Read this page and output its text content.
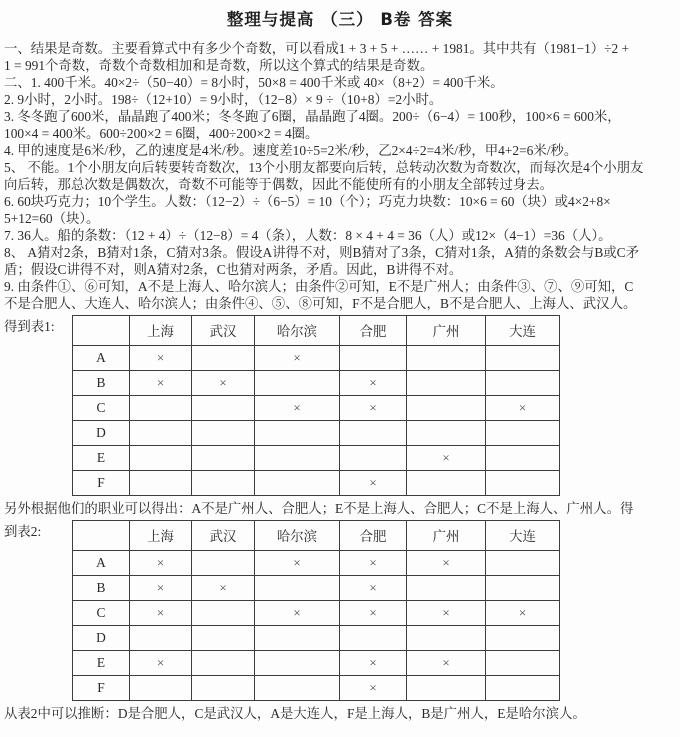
整理与提高 （三） B卷 答案
一、结果是奇数。主要看算式中有多少个奇数，可以看成1 + 3 + 5 + …… + 1981。其中共有（1981−1）÷2 +
1 = 991个奇数，奇数个奇数相加和是奇数，所以这个算式的结果是奇数。
二、1. 400千米。40×2÷（50−40）= 8小时，50×8 = 400千米或 40×（8+2）= 400千米。
2. 9小时，2小时。198÷（12+10）= 9小时，（12−8）× 9 ÷（10+8）=2小时。
3. 冬冬跑了600米，晶晶跑了400米；冬冬跑了6圈，晶晶跑了4圈。200÷（6−4）= 100秒，100×6 = 600米，
100×4 = 400米。600÷200×2 = 6圈，400÷200×2 = 4圈。
4. 甲的速度是6米/秒，乙的速度是4米/秒。速度差10÷5=2米/秒，乙2×4÷2=4米/秒，甲4+2=6米/秒。
5、 不能。1个小朋友向后转要转奇数次，13个小朋友都要向后转，总转动次数为奇数次，而每次是4个小朋友
向后转，那总次数是偶数次，奇数不可能等于偶数，因此不能使所有的小朋友全部转过身去。
6. 60块巧克力；10个学生。人数：（12−2）÷（6−5）= 10（个）；巧克力块数：10×6 = 60（块）或4×2+8×
5+12=60（块）。
7. 36人。船的条数：（12 + 4）÷（12−8）= 4（条），人数：8 × 4 + 4 = 36（人）或12×（4−1）=36（人）。
8、 A猜对2条，B猜对1条，C猜对3条。假设A讲得不对，则B猜对了3条，C猜对1条，A猜的条数会与B或C矛
盾；假设C讲得不对，则A猜对2条，C也猜对两条，矛盾。因此，B讲得不对。
9. 由条件①、⑥可知，A不是上海人、哈尔滨人；由条件②可知，E不是广州人；由条件③、⑦、⑨可知，C
不是合肥人、大连人、哈尔滨人；由条件④、⑤、⑧可知，F不是合肥人，B不是合肥人、上海人、武汉人。
得到表1:
		上海	武汉	哈尔滨	合肥	广州	大连
A	×		×			
B	×	×		×		
C			×	×		×
D						
E					×	
F				×		
另外根据他们的职业可以得出：A不是广州人、合肥人；E不是上海人、合肥人；C不是上海人、广州人。得
到表2:
		上海	武汉	哈尔滨	合肥	广州	大连
A	×		×	×	×	
B	×	×		×		
C	×		×	×	×	×
D						
E	×			×	×	
F				×		
从表2中可以推断：D是合肥人，C是武汉人，A是大连人，F是上海人，B是广州人，E是哈尔滨人。
